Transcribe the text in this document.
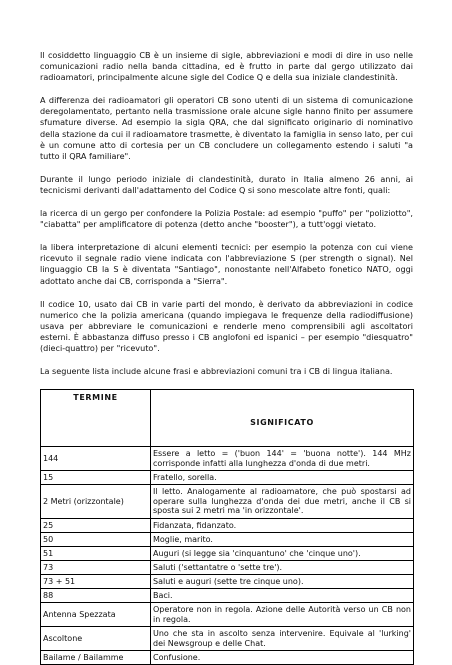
Il cosiddetto linguaggio CB è un insieme di sigle, abbreviazioni e modi di dire in uso nelle comunicazioni radio nella banda cittadina, ed è frutto in parte dal gergo utilizzato dai radioamatori, principalmente alcune sigle del Codice Q e della sua iniziale clandestinità.

A differenza dei radioamatori gli operatori CB sono utenti di un sistema di comunicazione deregolamentato, pertanto nella trasmissione orale alcune sigle hanno finito per assumere sfumature diverse. Ad esempio la sigla QRA, che dal significato originario di nominativo della stazione da cui il radioamatore trasmette, è diventato la famiglia in senso lato, per cui è un comune atto di cortesia per un CB concludere un collegamento estendo i saluti "a tutto il QRA familiare".

Durante il lungo periodo iniziale di clandestinità, durato in Italia almeno 26 anni, ai tecnicismi derivanti dall'adattamento del Codice Q si sono mescolate altre fonti, quali:

la ricerca di un gergo per confondere la Polizia Postale: ad esempio "puffo" per "poliziotto", "ciabatta" per amplificatore di potenza (detto anche "booster"), a tutt'oggi vietato.

la libera interpretazione di alcuni elementi tecnici: per esempio la potenza con cui viene ricevuto il segnale radio viene indicata con l'abbreviazione S (per strength o signal). Nel linguaggio CB la S è diventata "Santiago", nonostante nell'Alfabeto fonetico NATO, oggi adottato anche dai CB, corrisponda a "Sierra".

Il codice 10, usato dai CB in varie parti del mondo, è derivato da abbreviazioni in codice numerico che la polizia americana (quando impiegava le frequenze della radiodiffusione) usava per abbreviare le comunicazioni e renderle meno comprensibili agli ascoltatori esterni. È abbastanza diffuso presso i CB anglofoni ed ispanici – per esempio "diesquatro" (dieci-quattro) per "ricevuto".

La seguente lista include alcune frasi e abbreviazioni comuni tra i CB di lingua italiana.

TERMINE	SIGNIFICATO
144	Essere a letto = ('buon 144' = 'buona notte'). 144 MHz corrisponde infatti alla lunghezza d'onda di due metri.
15	Fratello, sorella.
2 Metri (orizzontale)	Il letto. Analogamente al radioamatore, che può spostarsi ad operare sulla lunghezza d'onda dei due metri, anche il CB si sposta sui 2 metri ma 'in orizzontale'.
25	Fidanzata, fidanzato.
50	Moglie, marito.
51	Auguri (si legge sia 'cinquantuno' che 'cinque uno').
73	Saluti ('settantatre o 'sette tre').
73 + 51	Saluti e auguri (sette tre cinque uno).
88	Baci.
Antenna Spezzata	Operatore non in regola. Azione delle Autorità verso un CB non in regola.
Ascoltone	Uno che sta in ascolto senza intervenire. Equivale al 'lurking' dei Newsgroup e delle Chat.
Bailame / Bailamme	Confusione.
